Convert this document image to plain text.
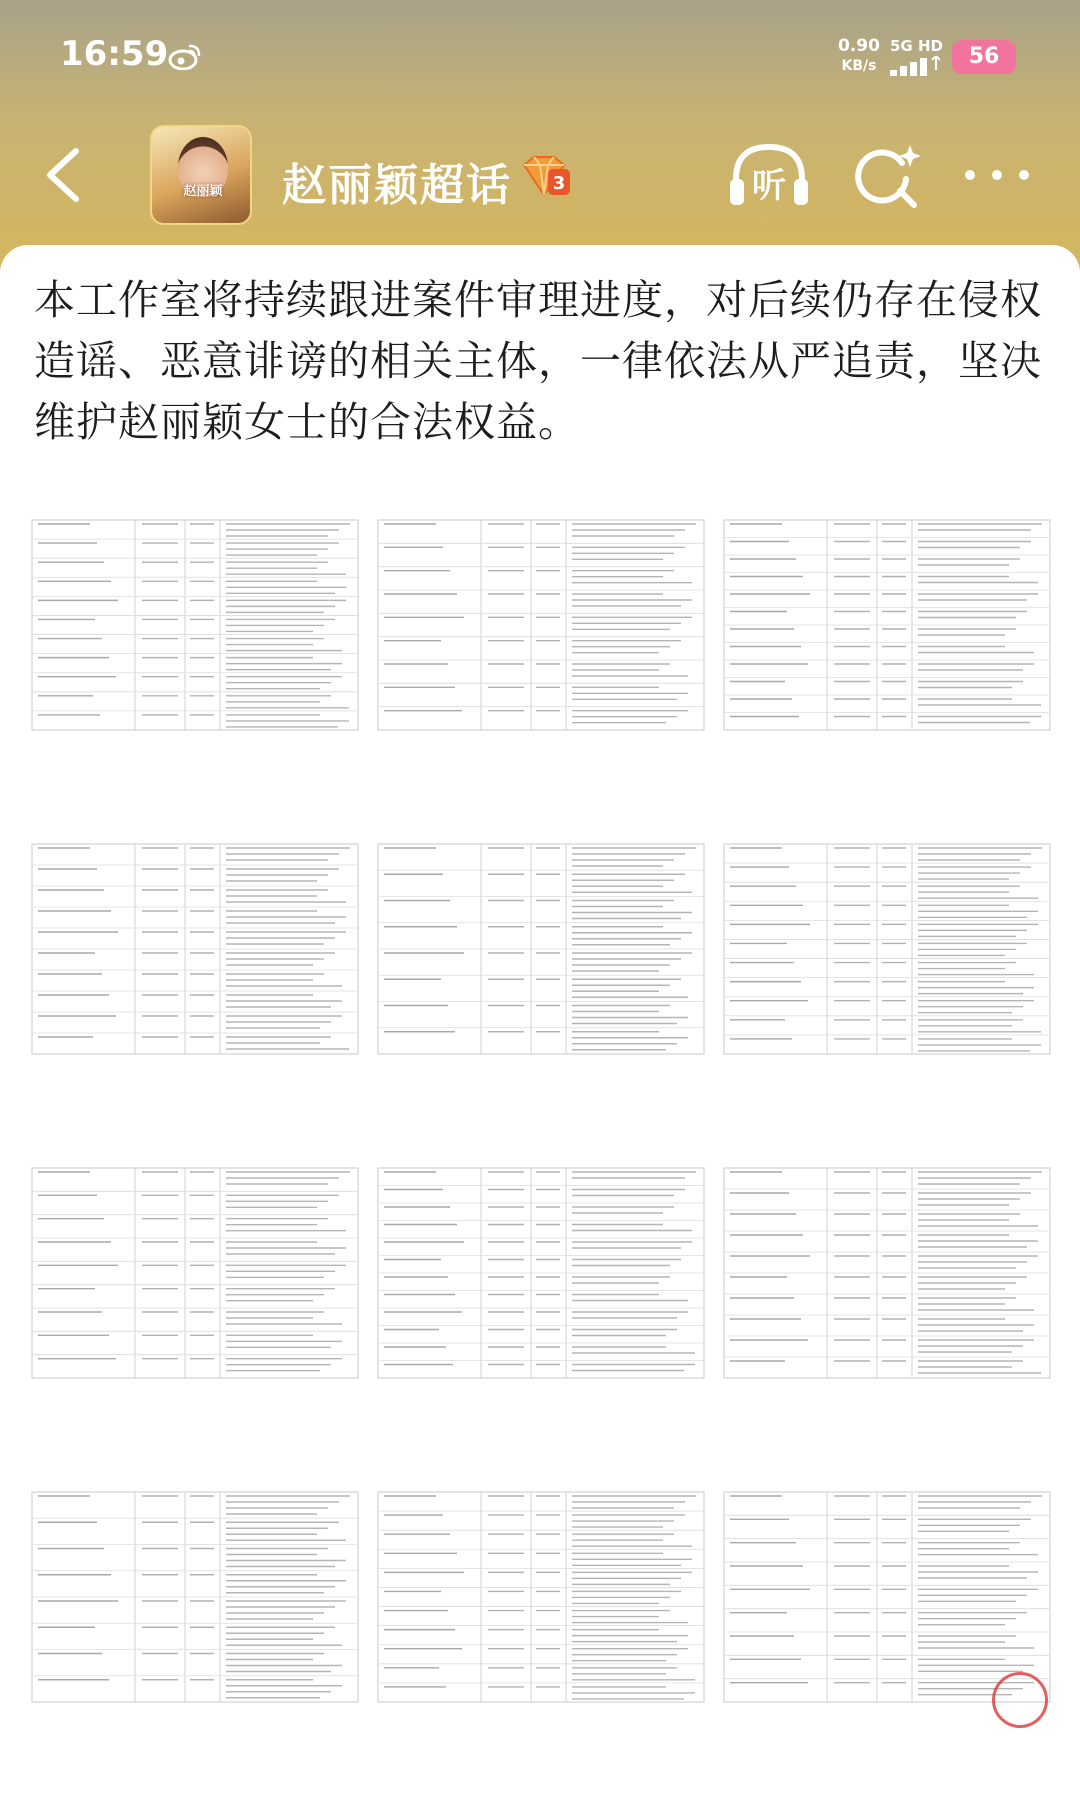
16:59	0.90
KB/s
5G HD	56
赵丽颖	赵丽颖超话 3	听
本工作室将持续跟进案件审理进度，对后续仍存在侵权造谣、恶意诽谤的相关主体，一律依法从严追责，坚决维护赵丽颖女士的合法权益。
